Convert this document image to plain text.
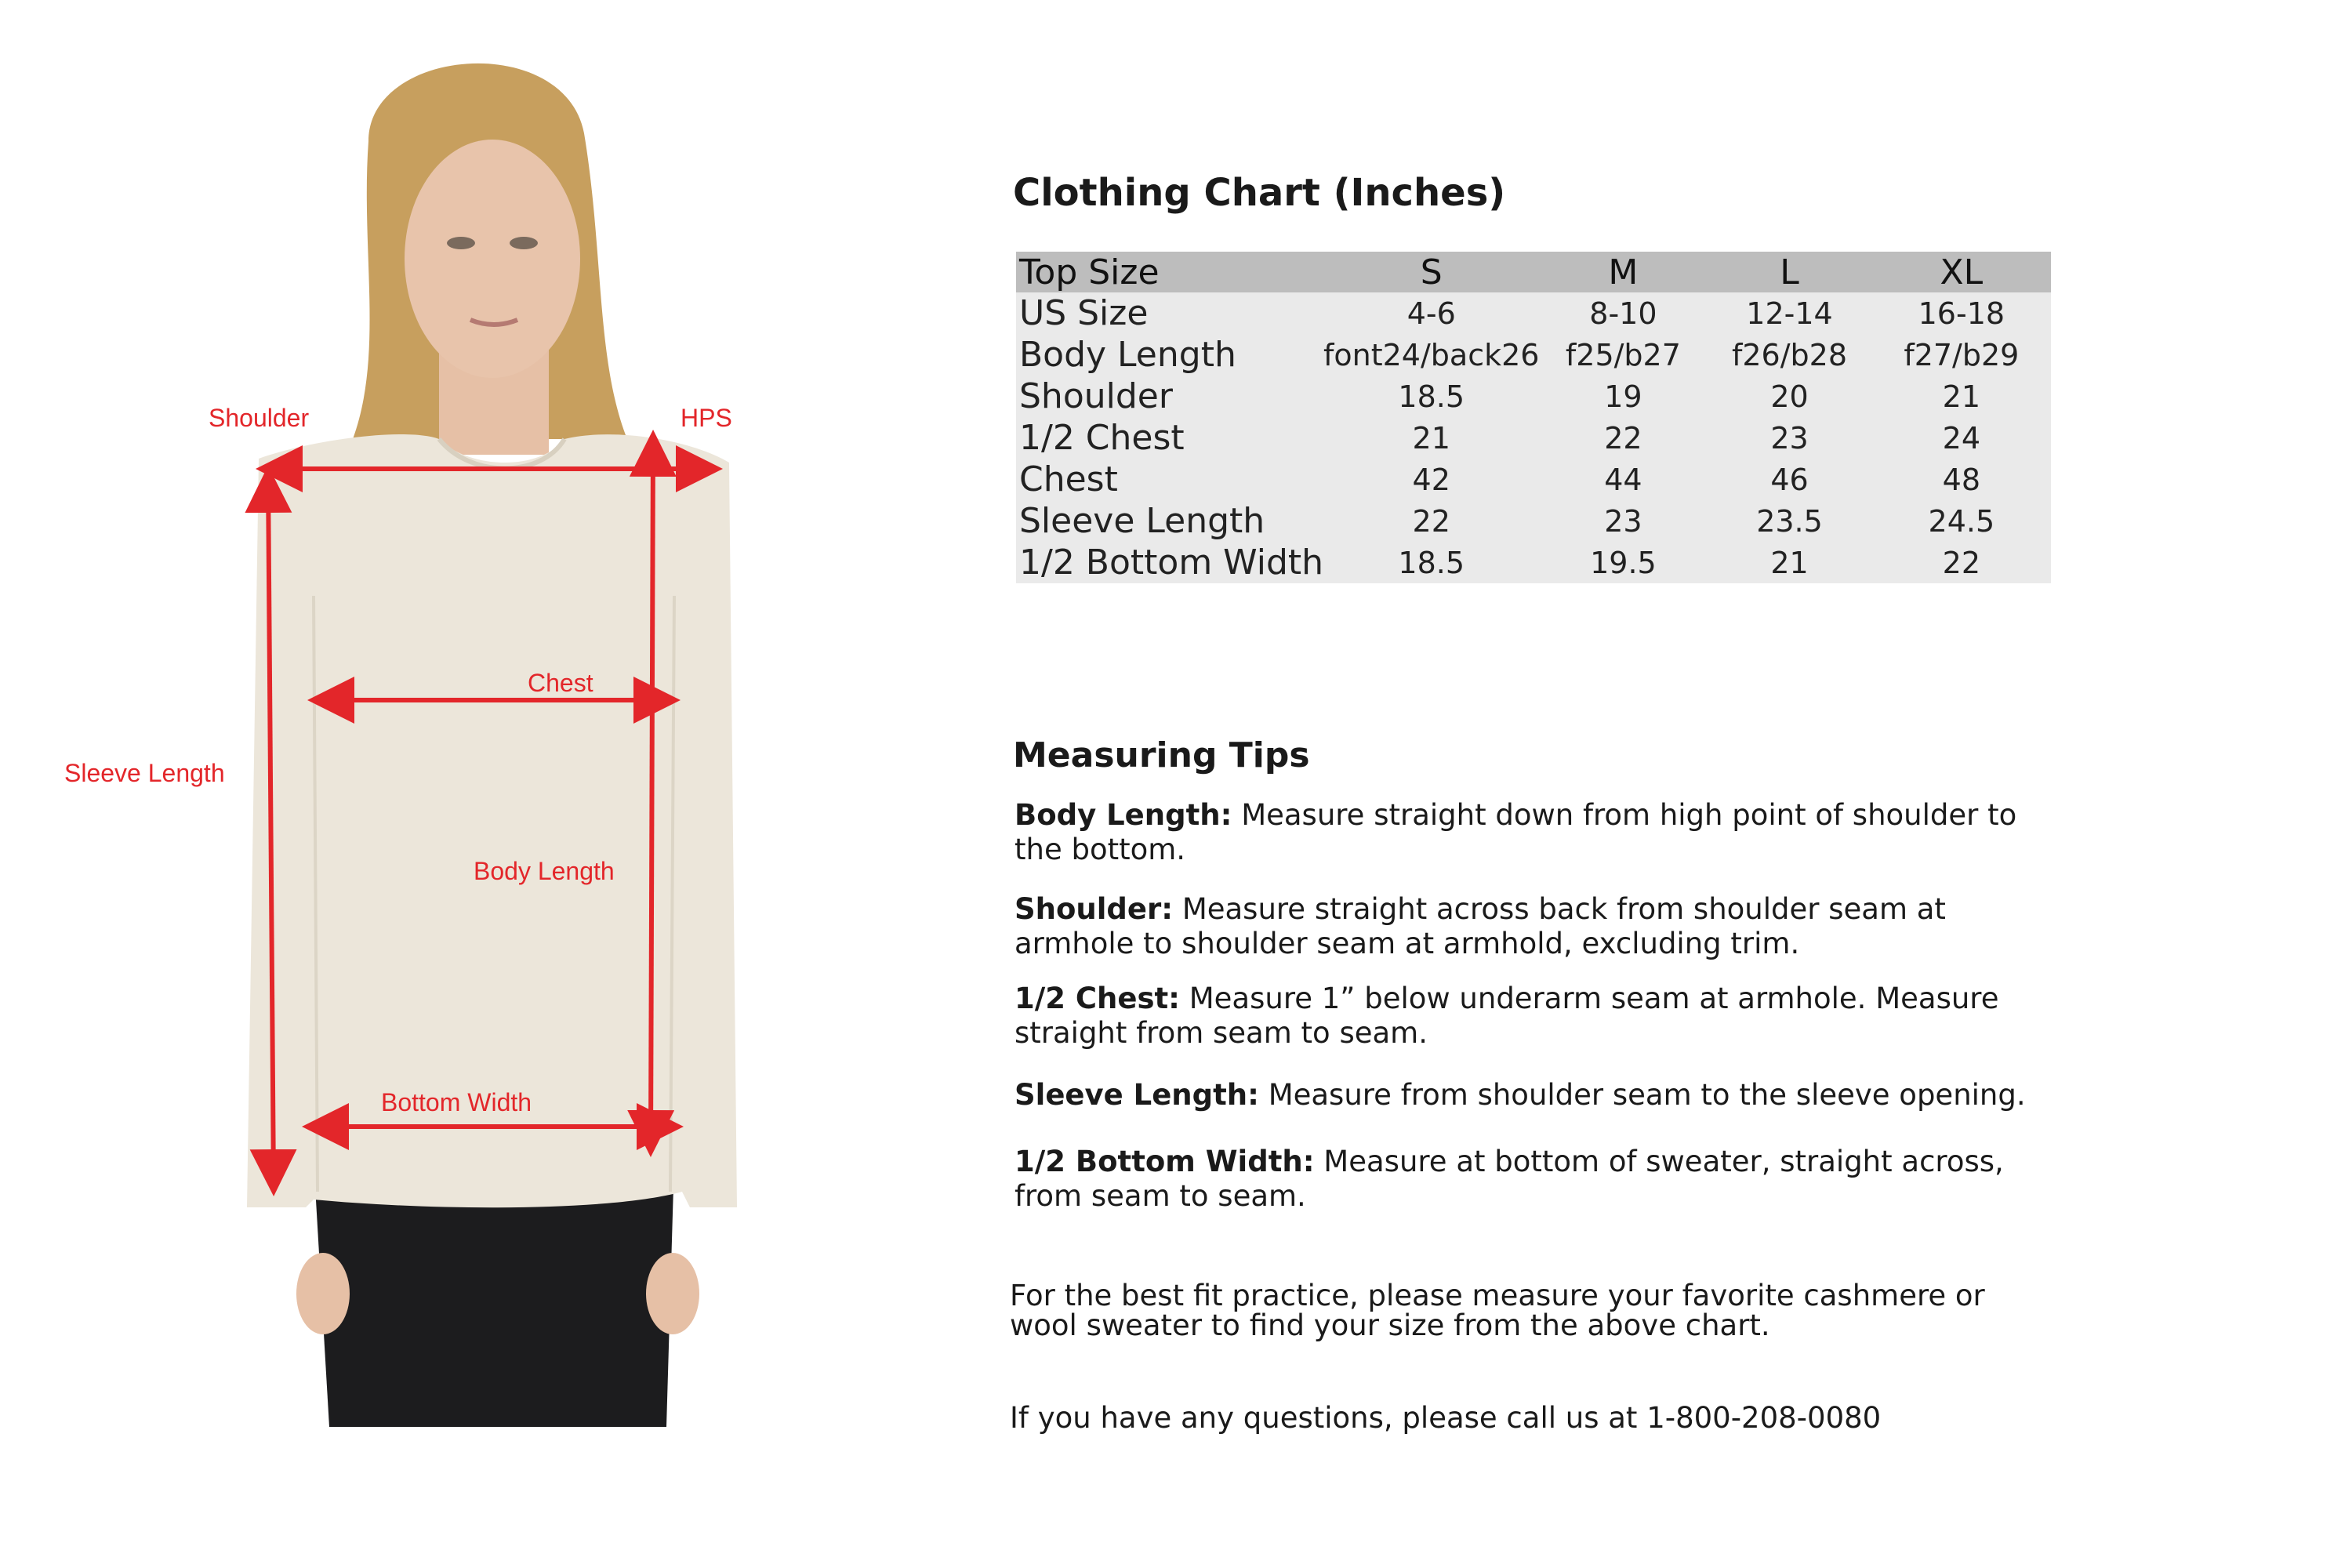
Shoulder	HPS
Chest
Sleeve Length
Body Length
Bottom Width
Clothing Chart (Inches)
Top Size	S	M	L	XL
US Size	4-6	8-10	12-14	16-18
Body Length	font24/back26	f25/b27	f26/b28	f27/b29
Shoulder	18.5	19	20	21
1/2 Chest	21	22	23	24
Chest	42	44	46	48
Sleeve Length	22	23	23.5	24.5
1/2 Bottom Width	18.5	19.5	21	22
Measuring Tips
Body Length: Measure straight down from high point of shoulder to the bottom.
Shoulder: Measure straight across back from shoulder seam at armhole to shoulder seam at armhold, excluding trim.
1/2 Chest: Measure 1” below underarm seam at armhole. Measure straight from seam to seam.
Sleeve Length: Measure from shoulder seam to the sleeve opening.
1/2 Bottom Width: Measure at bottom of sweater, straight across, from seam to seam.
For the best fit practice, please measure your favorite cashmere or wool sweater to find your size from the above chart.
If you have any questions, please call us at 1-800-208-0080
